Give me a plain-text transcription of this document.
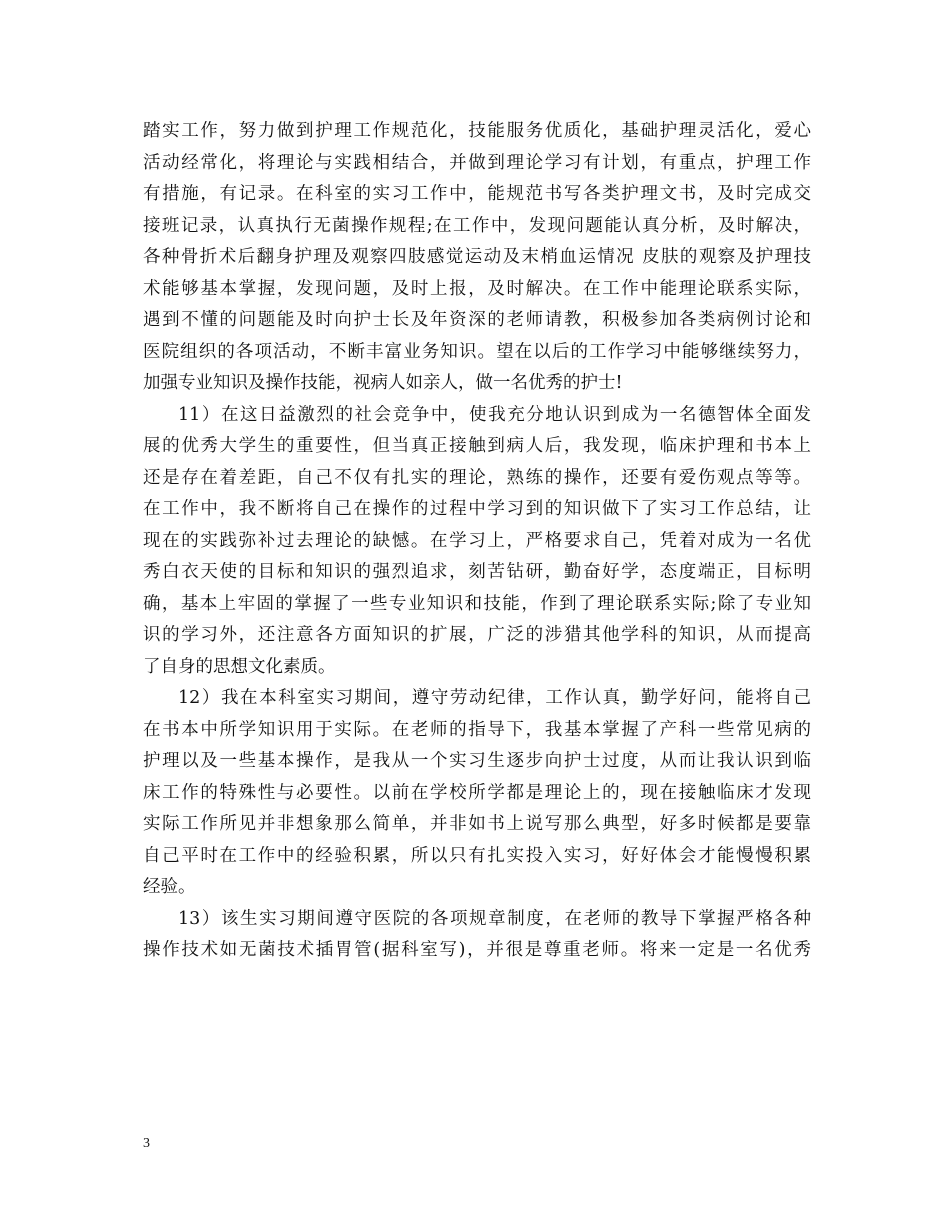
踏实工作，努力做到护理工作规范化，技能服务优质化，基础护理灵活化，爱心
活动经常化，将理论与实践相结合，并做到理论学习有计划，有重点，护理工作
有措施，有记录。在科室的实习工作中，能规范书写各类护理文书，及时完成交
接班记录，认真执行无菌操作规程;在工作中，发现问题能认真分析，及时解决，
各种骨折术后翻身护理及观察四肢感觉运动及末梢血运情况 皮肤的观察及护理技
术能够基本掌握，发现问题，及时上报，及时解决。在工作中能理论联系实际，
遇到不懂的问题能及时向护士长及年资深的老师请教，积极参加各类病例讨论和
医院组织的各项活动，不断丰富业务知识。望在以后的工作学习中能够继续努力，
加强专业知识及操作技能，视病人如亲人，做一名优秀的护士!
11）在这日益激烈的社会竞争中，使我充分地认识到成为一名德智体全面发
展的优秀大学生的重要性，但当真正接触到病人后，我发现，临床护理和书本上
还是存在着差距，自己不仅有扎实的理论，熟练的操作，还要有爱伤观点等等。
在工作中，我不断将自己在操作的过程中学习到的知识做下了实习工作总结，让
现在的实践弥补过去理论的缺憾。在学习上，严格要求自己，凭着对成为一名优
秀白衣天使的目标和知识的强烈追求，刻苦钻研，勤奋好学，态度端正，目标明
确，基本上牢固的掌握了一些专业知识和技能，作到了理论联系实际;除了专业知
识的学习外，还注意各方面知识的扩展，广泛的涉猎其他学科的知识，从而提高
了自身的思想文化素质。
12）我在本科室实习期间，遵守劳动纪律，工作认真，勤学好问，能将自己
在书本中所学知识用于实际。在老师的指导下，我基本掌握了产科一些常见病的
护理以及一些基本操作，是我从一个实习生逐步向护士过度，从而让我认识到临
床工作的特殊性与必要性。以前在学校所学都是理论上的，现在接触临床才发现
实际工作所见并非想象那么简单，并非如书上说写那么典型，好多时候都是要靠
自己平时在工作中的经验积累，所以只有扎实投入实习，好好体会才能慢慢积累
经验。
13）该生实习期间遵守医院的各项规章制度，在老师的教导下掌握严格各种
操作技术如无菌技术插胃管(据科室写)，并很是尊重老师。将来一定是一名优秀
3
